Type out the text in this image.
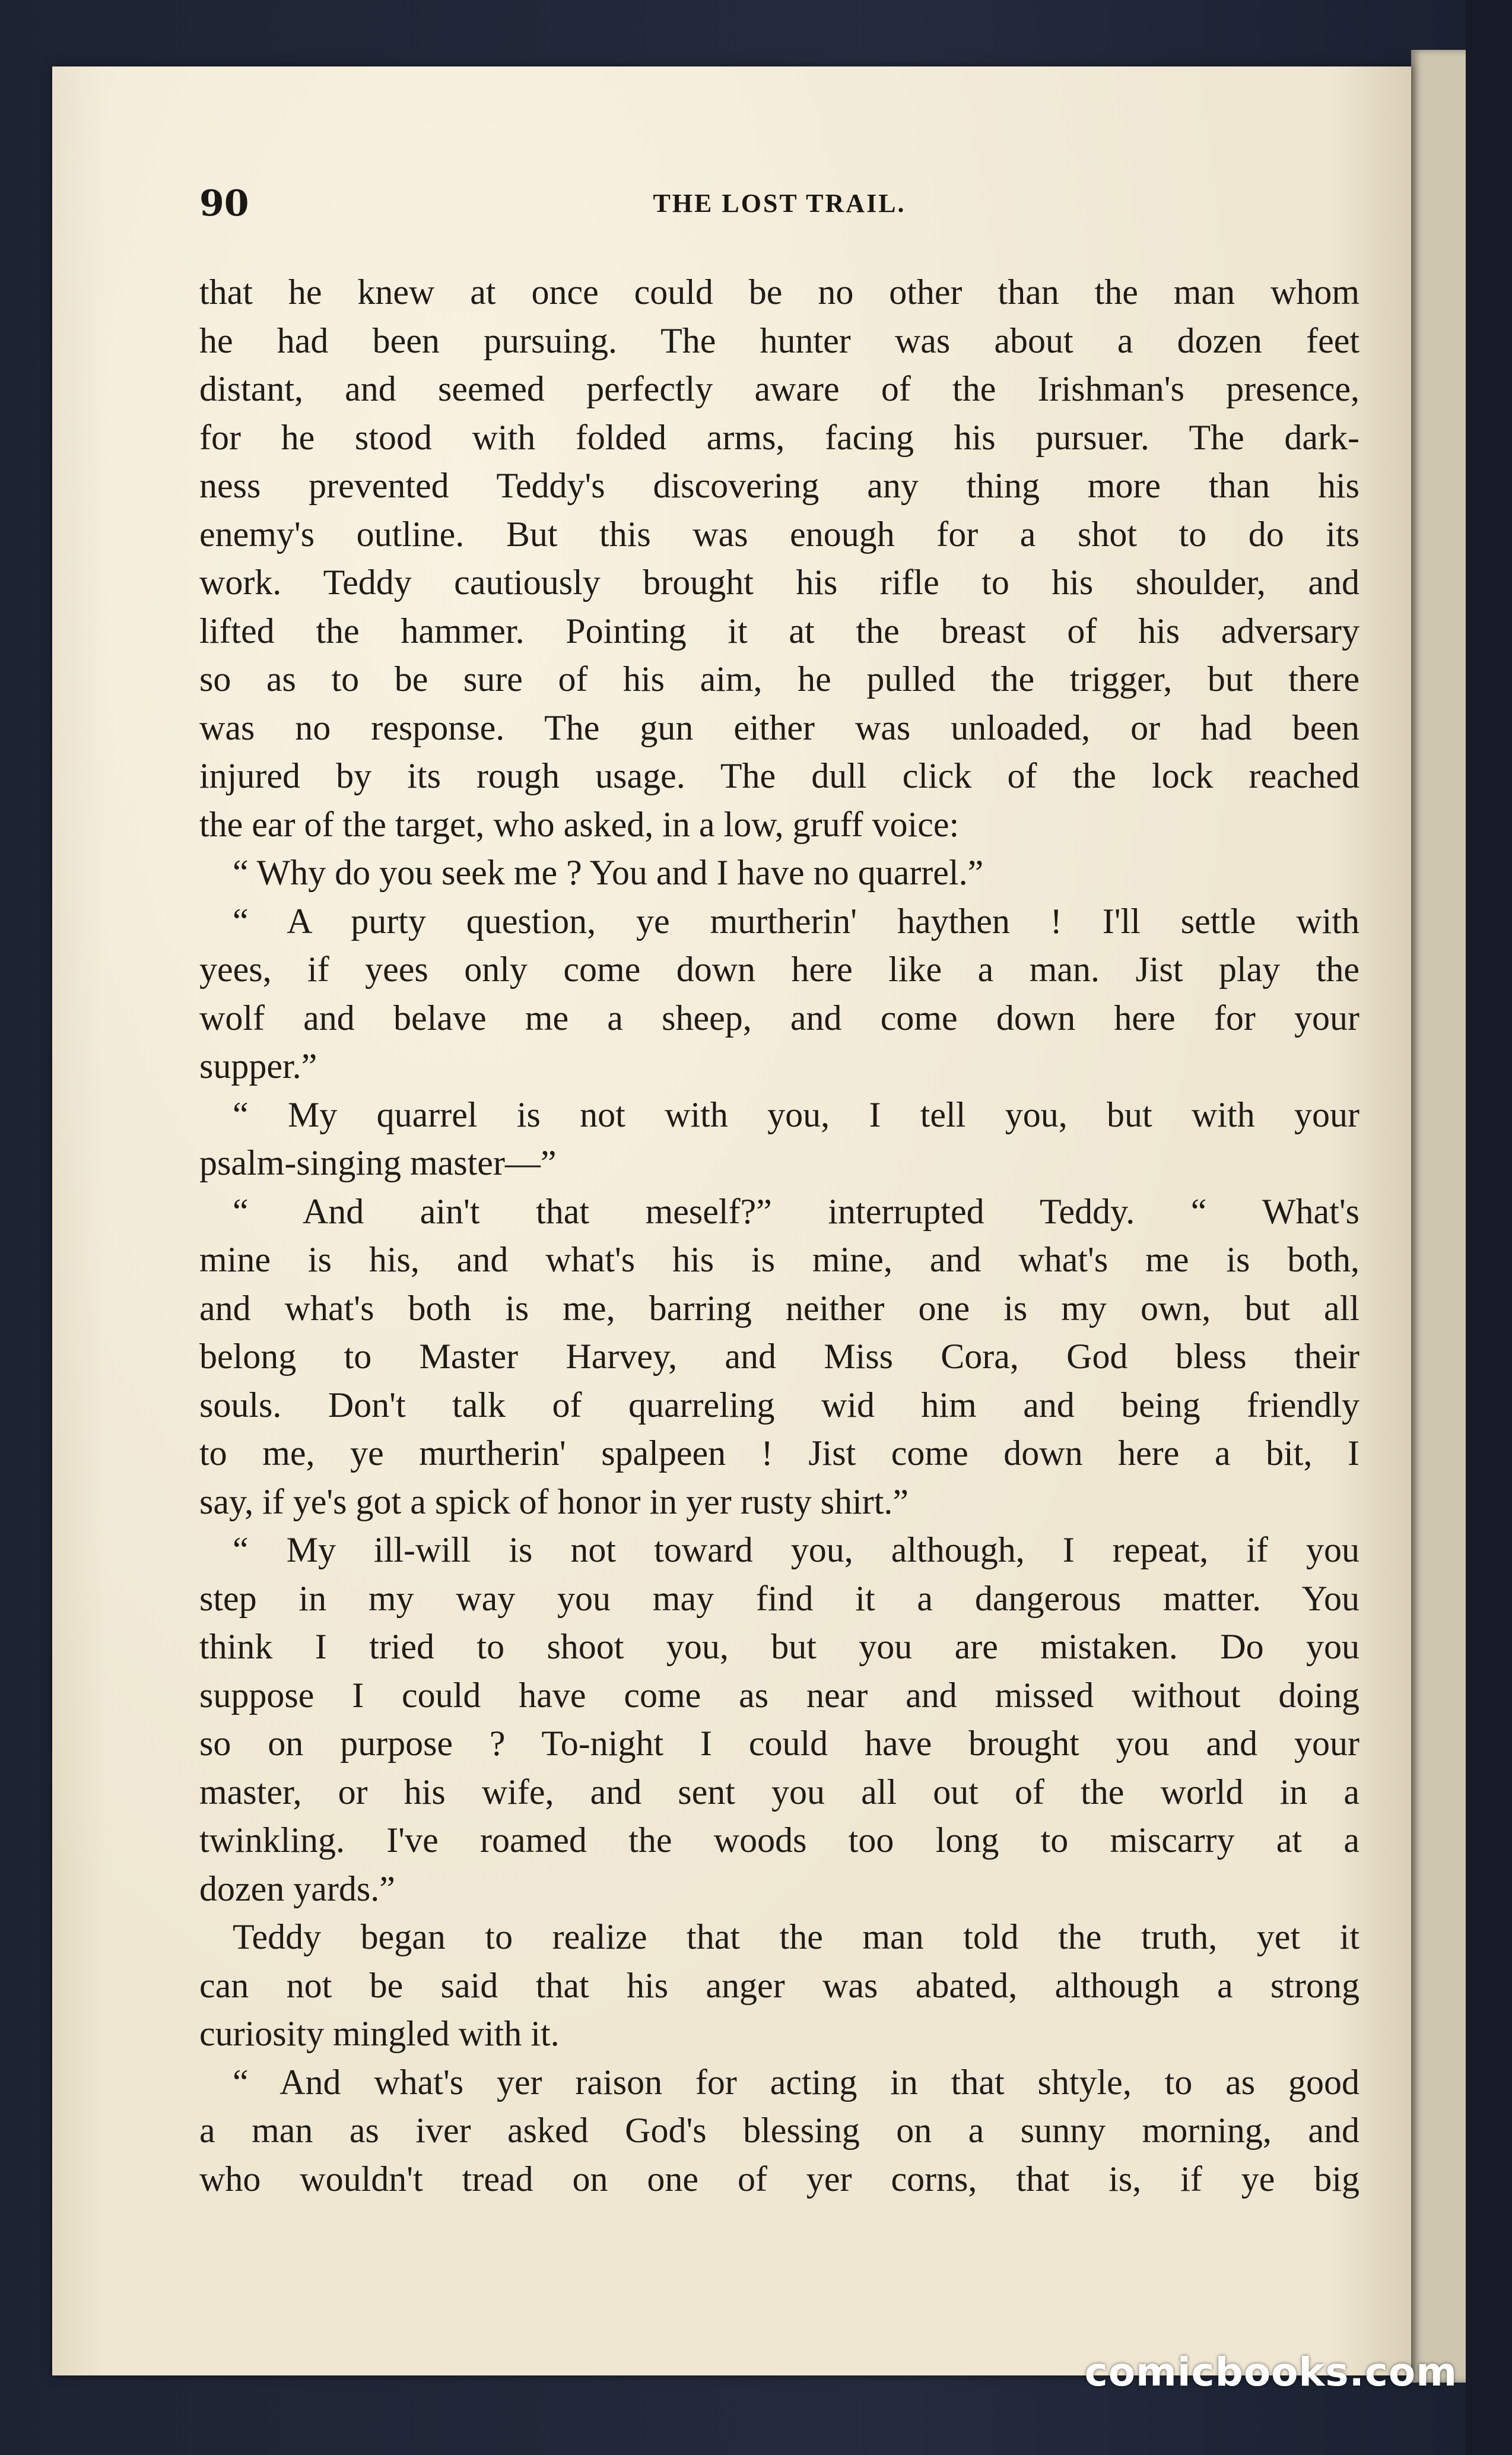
90	THE LOST TRAIL.
that he knew at once could be no other than the man whom
he had been pursuing. The hunter was about a dozen feet
distant, and seemed perfectly aware of the Irishman's presence,
for he stood with folded arms, facing his pursuer. The dark-
ness prevented Teddy's discovering any thing more than his
enemy's outline. But this was enough for a shot to do its
work. Teddy cautiously brought his rifle to his shoulder, and
lifted the hammer. Pointing it at the breast of his adversary
so as to be sure of his aim, he pulled the trigger, but there
was no response. The gun either was unloaded, or had been
injured by its rough usage. The dull click of the lock reached
the ear of the target, who asked, in a low, gruff voice:
“ Why do you seek me ? You and I have no quarrel.”
“ A purty question, ye murtherin' haythen ! I'll settle with
yees, if yees only come down here like a man. Jist play the
wolf and belave me a sheep, and come down here for your
supper.”
“ My quarrel is not with you, I tell you, but with your
psalm-singing master—”
“ And ain't that meself?” interrupted Teddy. “ What's
mine is his, and what's his is mine, and what's me is both,
and what's both is me, barring neither one is my own, but all
belong to Master Harvey, and Miss Cora, God bless their
souls. Don't talk of quarreling wid him and being friendly
to me, ye murtherin' spalpeen ! Jist come down here a bit, I
say, if ye's got a spick of honor in yer rusty shirt.”
“ My ill-will is not toward you, although, I repeat, if you
step in my way you may find it a dangerous matter. You
think I tried to shoot you, but you are mistaken. Do you
suppose I could have come as near and missed without doing
so on purpose ? To-night I could have brought you and your
master, or his wife, and sent you all out of the world in a
twinkling. I've roamed the woods too long to miscarry at a
dozen yards.”
Teddy began to realize that the man told the truth, yet it
can not be said that his anger was abated, although a strong
curiosity mingled with it.
“ And what's yer raison for acting in that shtyle, to as good
a man as iver asked God's blessing on a sunny morning, and
who wouldn't tread on one of yer corns, that is, if ye big
comicbooks.com
